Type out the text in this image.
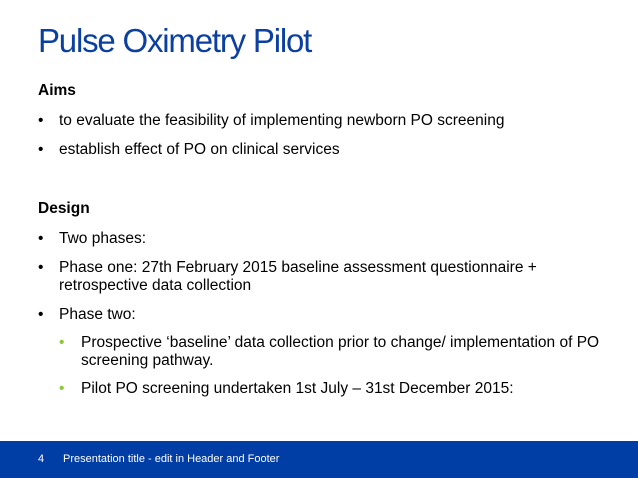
Pulse Oximetry Pilot
Aims
• to evaluate the feasibility of implementing newborn PO screening
• establish effect of PO on clinical services
Design
• Two phases:
• Phase one: 27th February 2015 baseline assessment questionnaire + retrospective data collection
• Phase two:
• Prospective ‘baseline’ data collection prior to change/ implementation of PO screening pathway.
• Pilot PO screening undertaken 1st July – 31st December 2015:
4 Presentation title - edit in Header and Footer
